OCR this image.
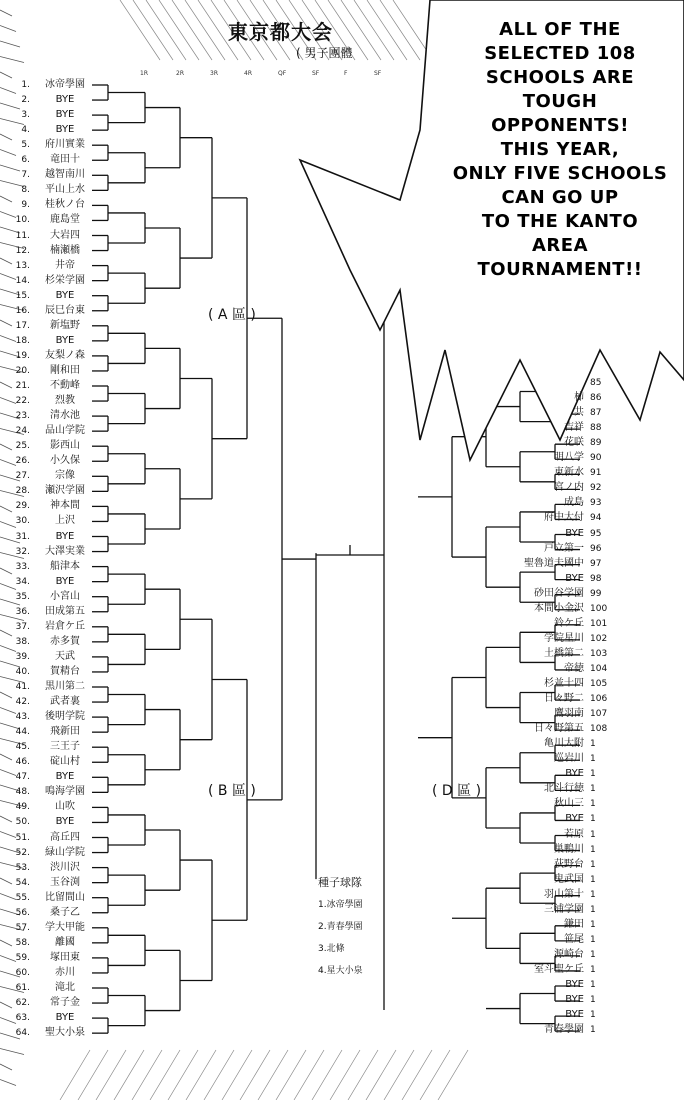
東京都大会
( 男子團體
1R	2R	3R	4R	QF	SF	F	SF
1. 冰帝學園
2.	BYE
3.	BYE
4.	BYE
5. 府川實業
6. 竜田十
7. 越智南川
8. 平山上水
9. 桂秋ノ台
10. 鹿島堂
11. 大岩四
12. 楠瀬橋
13.	井帝
14. 杉栄学園
15.	BYE
16. 辰巳台東
17. 新塩野
18.	BYE
19. 友梨ノ森
20. 剛和田
21. 不動峰
22.	烈教
23. 清水池
24. 品山学院
25. 影西山
26. 小久保
27.	宗像
28. 瀬沢学園
29. 神本間
30.	上沢
31.	BYE
32. 大澤実業
33. 船津本
34.	BYE
35. 小宮山
36. 田成第五
37. 岩倉ケ丘
38. 赤多賀
39.	天武
40. 賀精台
41. 黒川第二
42. 武者裏
43. 後明学院
44. 飛新田
45. 三王子
46. 碇山村
47.	BYE
48. 鳴海学園
49.	山吹
50.	BYE
51. 高丘四
52. 緑山学院
53. 渋川沢
54. 玉谷渕
55. 比留間山
56. 桑子乙
57. 学大甲能
58.	離國
59. 塚田東
60.	赤川
61.	滝北
62. 常子金
63.	BYE
64. 聖大小泉
85
柿 86
共 87
吉祥 88
花咲 89
明八学 90
東新水 91
宮ノ内 92
成島 93
府中大付 94
BYE 95
戸立第一 96
聖魯道夫國中 97
BYE 98
砂田谷学園 99
本間小金沢 100
鈴ケ丘 101
学院星川 102
土橋第二 103
帝徳 104
杉並十四 105
日々野二 106
鷹羽南 107
日々野第五 108
亀川大附 1
巡岩川 1
BYE 1
北斗行徳 1
秋山三 1
BYE 1
若原 1
巣鴨川 1
荻野台 1
鬼武国 1
羽山第十 1
三浦学園 1
鎌田 1
笹尾 1
源崎台 1
室斗聖ケ丘 1
BYE 1
BYE 1
BYE 1
青春學園 1
( A 區 )
( B 區 )	( D 區 )
種子球隊
1.冰帝學園
2.青春學園
3.北條
4.星大小泉
ALL OF THE
SELECTED 108
SCHOOLS ARE
TOUGH
OPPONENTS!
THIS YEAR,
ONLY FIVE SCHOOLS
CAN GO UP
TO THE KANTO
AREA
TOURNAMENT!!
